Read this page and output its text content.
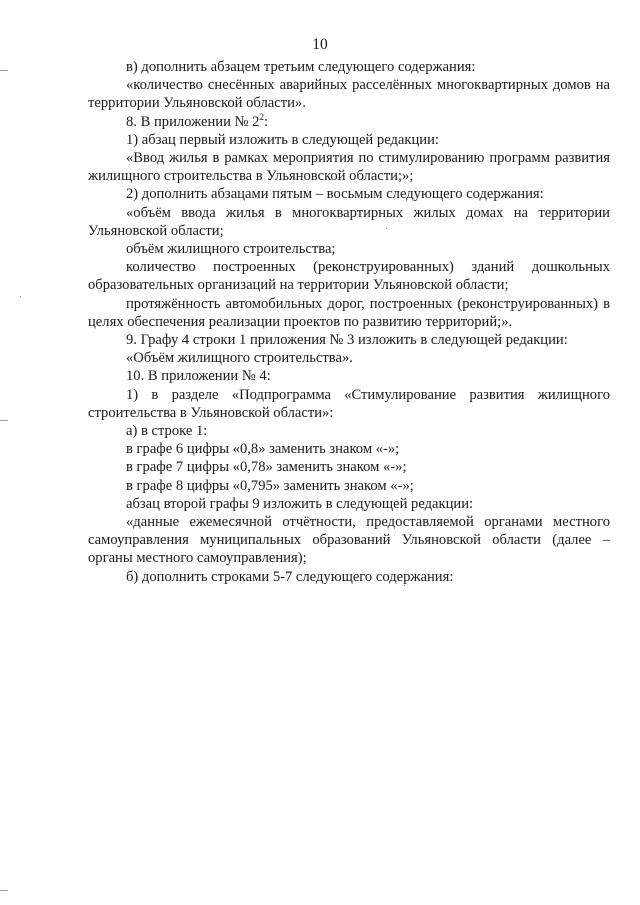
10

в) дополнить абзацем третьим следующего содержания:

«количество снесённых аварийных расселённых многоквартирных домов на территории Ульяновской области».

8. В приложении № $2^2$:

1) абзац первый изложить в следующей редакции:

«Ввод жилья в рамках мероприятия по стимулированию программ развития жилищного строительства в Ульяновской области;»;

2) дополнить абзацами пятым – восьмым следующего содержания:

«объём ввода жилья в многоквартирных жилых домах на территории Ульяновской области;

объём жилищного строительства;

количество построенных (реконструированных) зданий дошкольных образовательных организаций на территории Ульяновской области;

протяжённость автомобильных дорог, построенных (реконструированных) в целях обеспечения реализации проектов по развитию территорий;».

9. Графу 4 строки 1 приложения № 3 изложить в следующей редакции:

«Объём жилищного строительства».

10. В приложении № 4:

1) в разделе «Подпрограмма «Стимулирование развития жилищного строительства в Ульяновской области»:

а) в строке 1:

в графе 6 цифры «0,8» заменить знаком «-»;

в графе 7 цифры «0,78» заменить знаком «-»;

в графе 8 цифры «0,795» заменить знаком «-»;

абзац второй графы 9 изложить в следующей редакции:

«данные ежемесячной отчётности, предоставляемой органами местного самоуправления муниципальных образований Ульяновской области (далее – органы местного самоуправления);

б) дополнить строками 5-7 следующего содержания:
